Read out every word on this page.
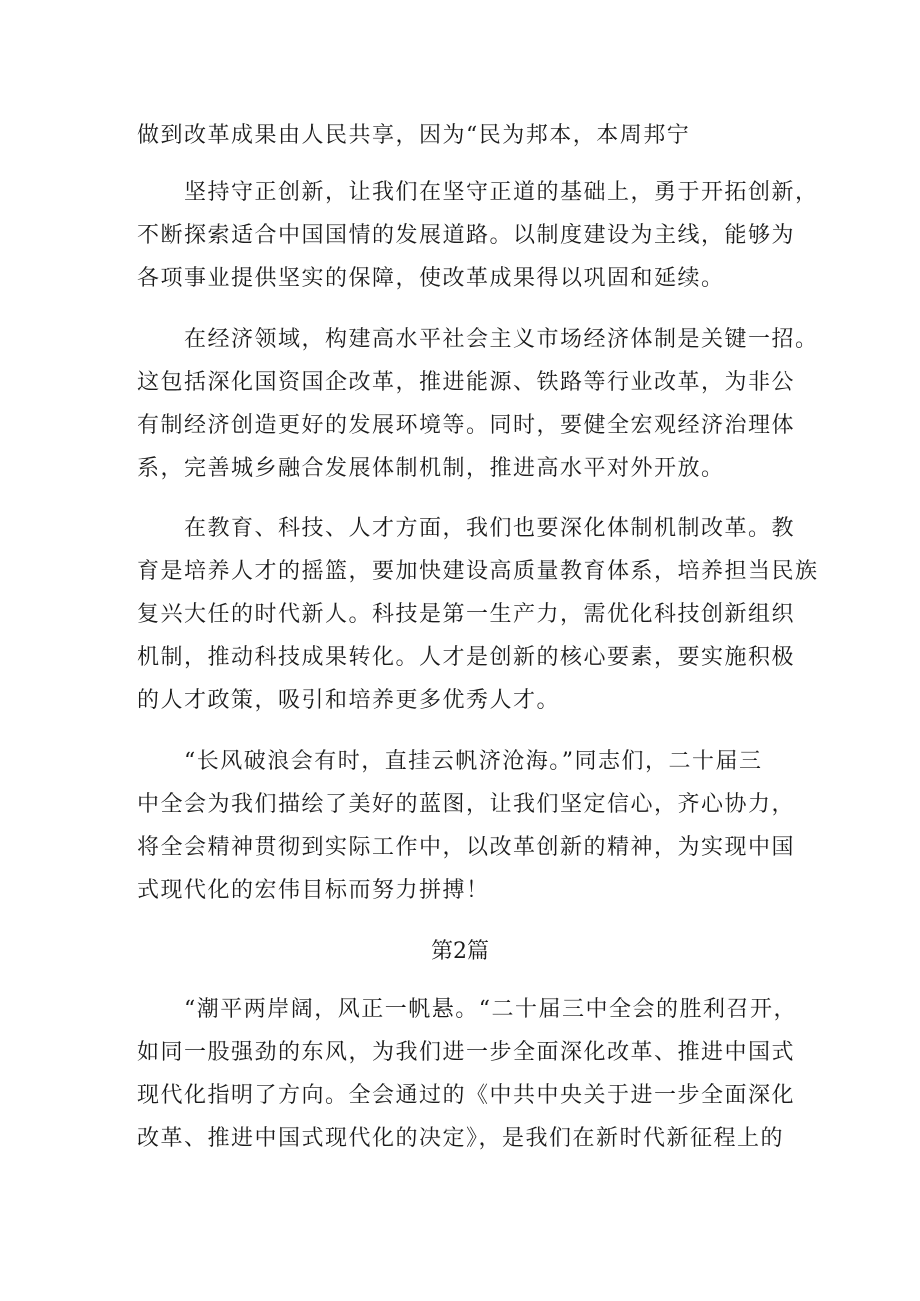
做到改革成果由人民共享，因为“民为邦本，本周邦宁
坚持守正创新，让我们在坚守正道的基础上，勇于开拓创新，
不断探索适合中国国情的发展道路。以制度建设为主线，能够为
各项事业提供坚实的保障，使改革成果得以巩固和延续。
在经济领域，构建高水平社会主义市场经济体制是关键一招。
这包括深化国资国企改革，推进能源、铁路等行业改革，为非公
有制经济创造更好的发展环境等。同时，要健全宏观经济治理体
系，完善城乡融合发展体制机制，推进高水平对外开放。
在教育、科技、人才方面，我们也要深化体制机制改革。教
育是培养人才的摇篮，要加快建设高质量教育体系，培养担当民族
复兴大任的时代新人。科技是第一生产力，需优化科技创新组织
机制，推动科技成果转化。人才是创新的核心要素，要实施积极
的人才政策，吸引和培养更多优秀人才。
“长风破浪会有时，直挂云帆济沧海。”同志们，二十届三
中全会为我们描绘了美好的蓝图，让我们坚定信心，齐心协力，
将全会精神贯彻到实际工作中，以改革创新的精神，为实现中国
式现代化的宏伟目标而努力拼搏！
第2篇
“潮平两岸阔，风正一帆悬。“二十届三中全会的胜利召开，
如同一股强劲的东风，为我们进一步全面深化改革、推进中国式
现代化指明了方向。全会通过的《中共中央关于进一步全面深化
改革、推进中国式现代化的决定》，是我们在新时代新征程上的
